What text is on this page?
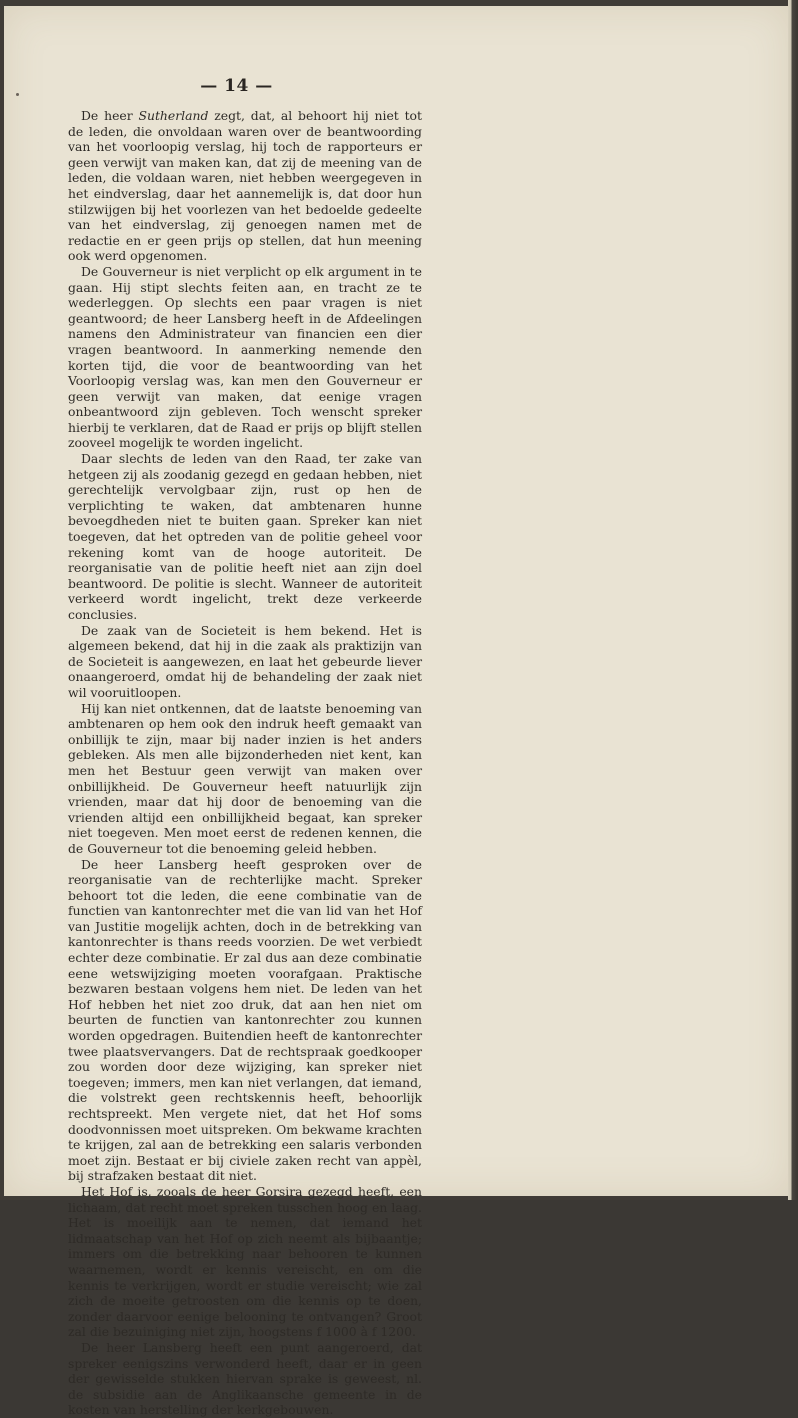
— 14 —

De heer Sutherland zegt, dat, al behoort hij niet tot de leden, die onvoldaan waren over de beantwoording van het voorloopig verslag, hij toch de rapporteurs er geen verwijt van maken kan, dat zij de meening van de leden, die voldaan waren, niet hebben weergegeven in het eindverslag, daar het aannemelijk is, dat door hun stilzwijgen bij het voorlezen van het bedoelde gedeelte van het eindverslag, zij genoegen namen met de redactie en er geen prijs op stellen, dat hun meening ook werd opgenomen.

De Gouverneur is niet verplicht op elk argument in te gaan. Hij stipt slechts feiten aan, en tracht ze te wederleggen. Op slechts een paar vragen is niet geantwoord; de heer Lansberg heeft in de Afdeelingen namens den Administrateur van financien een dier vragen beantwoord. In aanmerking nemende den korten tijd, die voor de beantwoording van het Voorloopig verslag was, kan men den Gouverneur er geen verwijt van maken, dat eenige vragen onbeantwoord zijn gebleven. Toch wenscht spreker hierbij te verklaren, dat de Raad er prijs op blijft stellen zooveel mogelijk te worden ingelicht.

Daar slechts de leden van den Raad, ter zake van hetgeen zij als zoodanig gezegd en gedaan hebben, niet gerechtelijk vervolgbaar zijn, rust op hen de verplichting te waken, dat ambtenaren hunne bevoegdheden niet te buiten gaan. Spreker kan niet toegeven, dat het optreden van de politie geheel voor rekening komt van de hooge autoriteit. De reorganisatie van de politie heeft niet aan zijn doel beantwoord. De politie is slecht. Wanneer de autoriteit verkeerd wordt ingelicht, trekt deze verkeerde conclusies.

De zaak van de Societeit is hem bekend. Het is algemeen bekend, dat hij in die zaak als praktizijn van de Societeit is aangewezen, en laat het gebeurde liever onaangeroerd, omdat hij de behandeling der zaak niet wil vooruitloopen.

Hij kan niet ontkennen, dat de laatste benoeming van ambtenaren op hem ook den indruk heeft gemaakt van onbillijk te zijn, maar bij nader inzien is het anders gebleken. Als men alle bijzonderheden niet kent, kan men het Bestuur geen verwijt van maken over onbillijkheid. De Gouverneur heeft natuurlijk zijn vrienden, maar dat hij door de benoeming van die vrienden altijd een onbillijkheid begaat, kan spreker niet toegeven. Men moet eerst de redenen kennen, die de Gouverneur tot die benoeming geleid hebben.

De heer Lansberg heeft gesproken over de reorganisatie van de rechterlijke macht. Spreker behoort tot die leden, die eene combinatie van de functien van kantonrechter met die van lid van het Hof van Justitie mogelijk achten, doch in de betrekking van kantonrechter is thans reeds voorzien. De wet verbiedt echter deze combinatie. Er zal dus aan deze combinatie eene wetswijziging moeten voorafgaan. Praktische bezwaren bestaan volgens hem niet. De leden van het Hof hebben het niet zoo druk, dat aan hen niet om beurten de functien van kantonrechter zou kunnen worden opgedragen. Buitendien heeft de kantonrechter twee plaatsvervangers. Dat de rechtspraak goedkooper zou worden door deze wijziging, kan spreker niet toegeven; immers, men kan niet verlangen, dat iemand, die volstrekt geen rechtskennis heeft, behoorlijk rechtspreekt. Men vergete niet, dat het Hof soms doodvonnissen moet uitspreken. Om bekwame krachten te krijgen, zal aan de betrekking een salaris verbonden moet zijn. Bestaat er bij civiele zaken recht van appèl, bij strafzaken bestaat dit niet.

Het Hof is, zooals de heer Gorsira gezegd heeft, een lichaam, dat recht moet spreken tusschen hoog en laag. Het is moeilijk aan te nemen, dat iemand het lidmaatschap van het Hof op zich neemt als bijbaantje; immers om die betrekking naar behooren te kunnen waarnemen, wordt er kennis vereischt, en om die kennis te verkrijgen, wordt er studie vereischt; wie zal zich de moeite getroosten om die kennis op te doen, zonder daarvoor eenige belooning te ontvangen? Groot zal die bezuiniging niet zijn, hoogstens f 1000 à f 1200.

De heer Lansberg heeft een punt aangeroerd, dat spreker eenigszins verwonderd heeft, daar er in geen der gewisselde stukken hiervan sprake is geweest, nl. de subsidie aan de Anglikaansche gemeente in de kosten van herstelling der kerkgebouwen.
